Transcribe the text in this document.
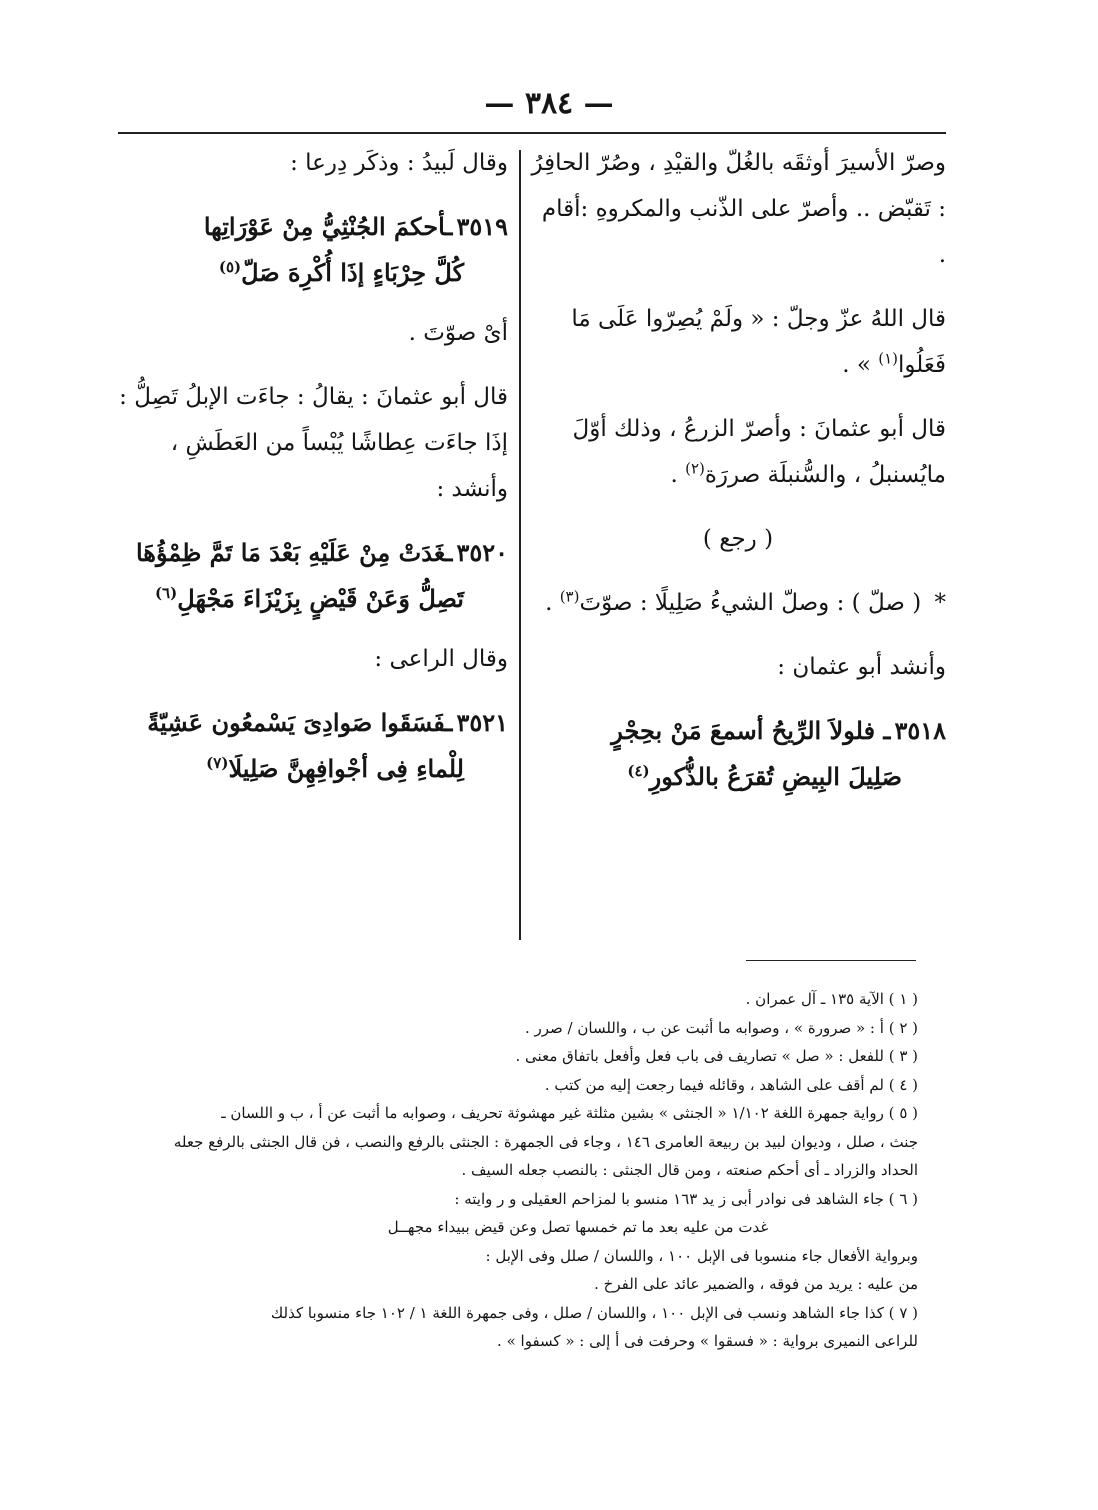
— ٣٨٤ —

وصرّ الأسيرَ أوثقَه بالغُلّ والقيْدِ ، وصُرّ الحافِرُ : تَقبّض .. وأصرّ على الذّنب والمكروهِ :أقام .

قال اللهُ عزّ وجلّ : « ولَمْ يُصِرّوا عَلَى مَا فَعَلُوا$^{(١)}$ » .

قال أبو عثمانَ : وأصرّ الزرعُ ، وذلك أوّلَ مايُسنبلُ ، والسُّنبلَة صررَة$^{(٢)}$ .

( رجع )

* ( صلّ ) : وصلّ الشيءُ صَلِيلًا : صوّتَ$^{(٣)}$ .

وأنشد أبو عثمان :

٣٥١٨ـ فلولاَ الرِّيحُ أسمعَ مَنْ بحِجْرٍ
صَلِيلَ البِيضِ تُقرَعُ بالذُّكورِ$^{(٤)}$

وقال لَبيدُ : وذكَر دِرعا :

٣٥١٩ـأحكمَ الجُنْثِيُّ مِنْ عَوْرَاتِها
كُلَّ حِرْبَاءٍ إذَا أُكْرِهَ صَلّ$^{(٥)}$

أىْ صوّتَ .

قال أبو عثمانَ : يقالُ : جاءَت الإبلُ تَصِلُّ : إذَا جاءَت عِطاشًا يُبْساً من العَطَشِ ، وأنشد :

٣٥٢٠ـغَدَتْ مِنْ عَلَيْهِ بَعْدَ مَا تَمَّ ظِمْؤُهَا
تَصِلُّ وَعَنْ قَيْضٍ بِزَيْزَاءَ مَجْهَلِ$^{(٦)}$

وقال الراعى :

٣٥٢١ـفَسَقَوا صَوادِىَ يَسْمعُون عَشِيّةً
لِلْماءِ فِى أجْوافِهِنَّ صَلِيلَا$^{(٧)}$
( ١ ) الآية ١٣٥ ـ آل عمران .
( ٢ ) أ : « صرورة » ، وصوابه ما أثبت عن ب ، واللسان / صرر .
( ٣ ) للفعل : « صل » تصاريف فى باب فعل وأفعل باتفاق معنى .
( ٤ ) لم أقف على الشاهد ، وقائله فيما رجعت إليه من كتب .
( ٥ ) رواية جمهرة اللغة ١/١٠٢ « الجنثى » بشين مثلثة غير مهشوثة تحريف ، وصوابه ما أثبت عن أ ، ب و اللسان ـ
جنث ، صلل ، وديوان لبيد بن ربيعة العامرى ١٤٦ ، وجاء فى الجمهرة : الجنثى بالرفع والنصب ، فن قال الجنثى بالرفع جعله
الحداد والزراد ـ أى أحكم صنعته ، ومن قال الجنثى : بالنصب جعله السيف .
( ٦ ) جاء الشاهد فى نوادر أبى ز يد ١٦٣ منسو با لمزاحم العقيلى و ر وايته :
غدت من عليه بعد ما تم خمسها تصل وعن قيض ببيداء مجهــل
وبرواية الأفعال جاء منسوبا فى الإبل ١٠٠ ، واللسان / صلل وفى الإبل :
من عليه : يريد من فوقه ، والضمير عائد على الفرخ .
( ٧ ) كذا جاء الشاهد ونسب فى الإبل ١٠٠ ، واللسان / صلل ، وفى جمهرة اللغة ١ / ١٠٢ جاء منسوبا كذلك
للراعى النميرى برواية : « فسقوا » وحرفت فى أ إلى : « كسفوا » .
